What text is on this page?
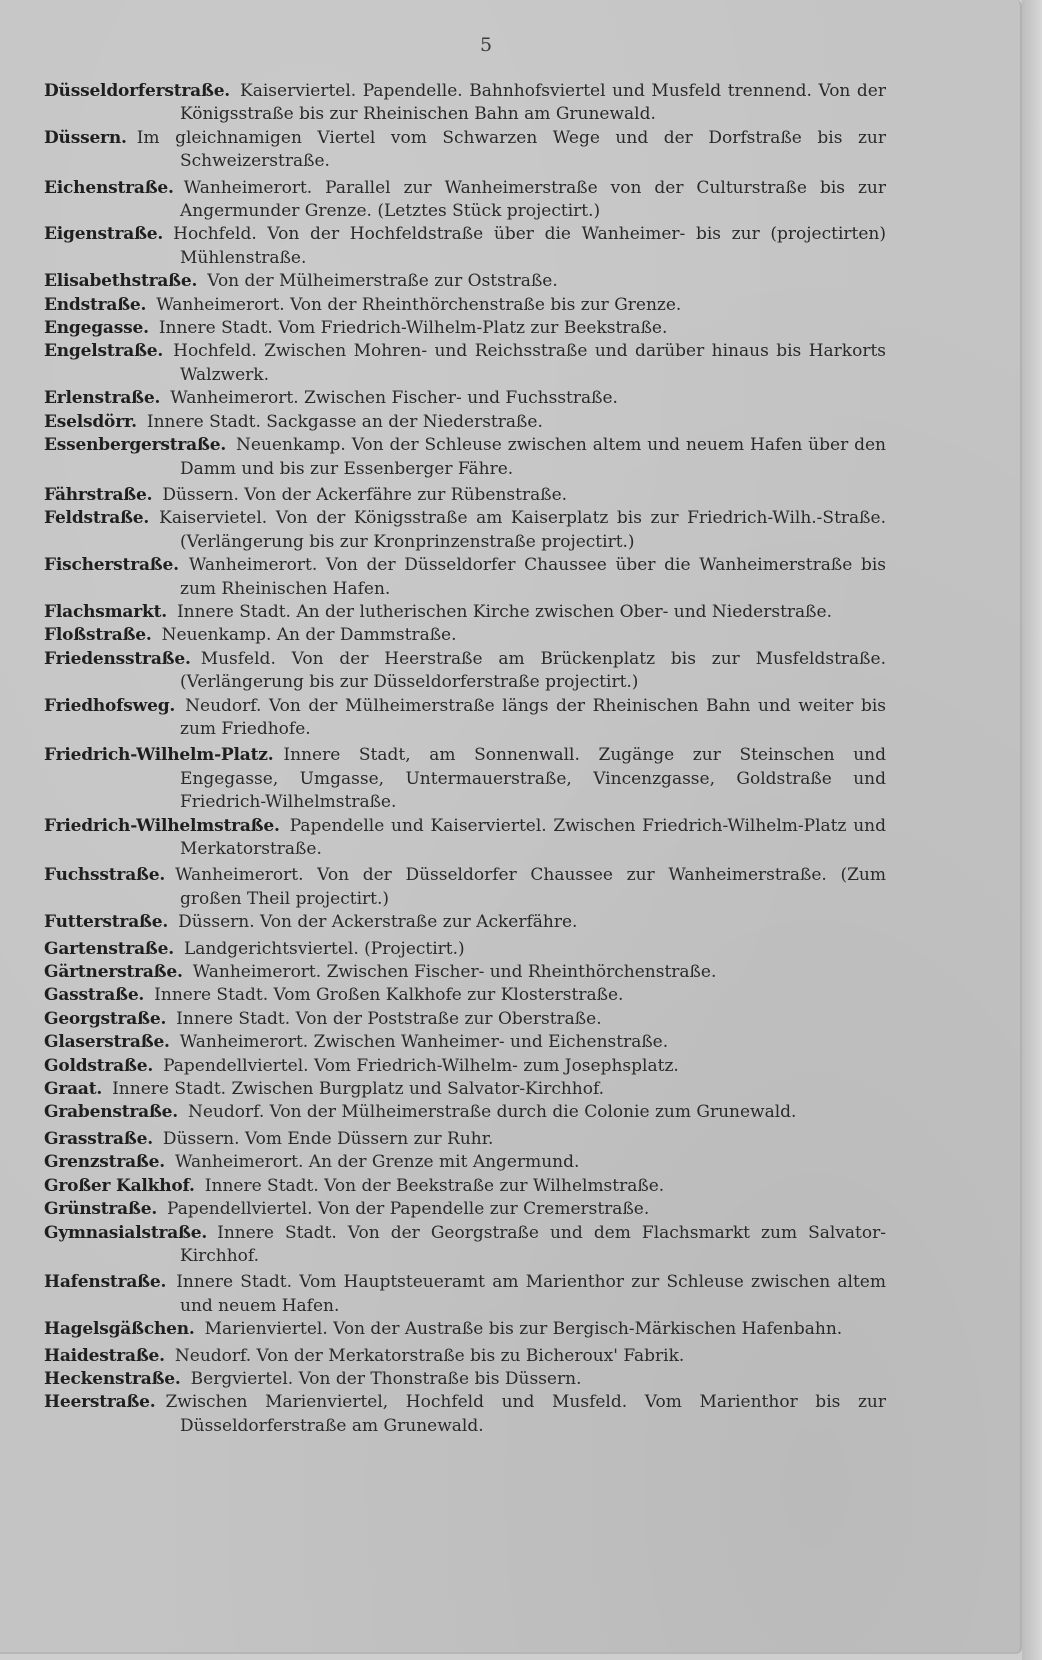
5

Düsseldorferstraße. Kaiserviertel. Papendelle. Bahnhofsviertel und Musfeld trennend. Von der Königsstraße bis zur Rheinischen Bahn am Grunewald.

Düssern. Im gleichnamigen Viertel vom Schwarzen Wege und der Dorfstraße bis zur Schweizerstraße.

Eichenstraße. Wanheimerort. Parallel zur Wanheimerstraße von der Culturstraße bis zur Angermunder Grenze. (Letztes Stück projectirt.)

Eigenstraße. Hochfeld. Von der Hochfeldstraße über die Wanheimer- bis zur (projectirten) Mühlenstraße.

Elisabethstraße. Von der Mülheimerstraße zur Oststraße.

Endstraße. Wanheimerort. Von der Rheinthörchenstraße bis zur Grenze.

Engegasse. Innere Stadt. Vom Friedrich-Wilhelm-Platz zur Beekstraße.

Engelstraße. Hochfeld. Zwischen Mohren- und Reichsstraße und darüber hinaus bis Harkorts Walzwerk.

Erlenstraße. Wanheimerort. Zwischen Fischer- und Fuchsstraße.

Eselsdörr. Innere Stadt. Sackgasse an der Niederstraße.

Essenbergerstraße. Neuenkamp. Von der Schleuse zwischen altem und neuem Hafen über den Damm und bis zur Essenberger Fähre.

Fährstraße. Düssern. Von der Ackerfähre zur Rübenstraße.

Feldstraße. Kaiservietel. Von der Königsstraße am Kaiserplatz bis zur Friedrich-Wilh.-Straße. (Verlängerung bis zur Kronprinzenstraße projectirt.)

Fischerstraße. Wanheimerort. Von der Düsseldorfer Chaussee über die Wanheimerstraße bis zum Rheinischen Hafen.

Flachsmarkt. Innere Stadt. An der lutherischen Kirche zwischen Ober- und Niederstraße.

Floßstraße. Neuenkamp. An der Dammstraße.

Friedensstraße. Musfeld. Von der Heerstraße am Brückenplatz bis zur Musfeldstraße. (Verlängerung bis zur Düsseldorferstraße projectirt.)

Friedhofsweg. Neudorf. Von der Mülheimerstraße längs der Rheinischen Bahn und weiter bis zum Friedhofe.

Friedrich-Wilhelm-Platz. Innere Stadt, am Sonnenwall. Zugänge zur Steinschen und Engegasse, Umgasse, Untermauerstraße, Vincenzgasse, Goldstraße und Friedrich-Wilhelmstraße.

Friedrich-Wilhelmstraße. Papendelle und Kaiserviertel. Zwischen Friedrich-Wilhelm-Platz und Merkatorstraße.

Fuchsstraße. Wanheimerort. Von der Düsseldorfer Chaussee zur Wanheimerstraße. (Zum großen Theil projectirt.)

Futterstraße. Düssern. Von der Ackerstraße zur Ackerfähre.

Gartenstraße. Landgerichtsviertel. (Projectirt.)

Gärtnerstraße. Wanheimerort. Zwischen Fischer- und Rheinthörchenstraße.

Gasstraße. Innere Stadt. Vom Großen Kalkhofe zur Klosterstraße.

Georgstraße. Innere Stadt. Von der Poststraße zur Oberstraße.

Glaserstraße. Wanheimerort. Zwischen Wanheimer- und Eichenstraße.

Goldstraße. Papendellviertel. Vom Friedrich-Wilhelm- zum Josephsplatz.

Graat. Innere Stadt. Zwischen Burgplatz und Salvator-Kirchhof.

Grabenstraße. Neudorf. Von der Mülheimerstraße durch die Colonie zum Grunewald.

Grasstraße. Düssern. Vom Ende Düssern zur Ruhr.

Grenzstraße. Wanheimerort. An der Grenze mit Angermund.

Großer Kalkhof. Innere Stadt. Von der Beekstraße zur Wilhelmstraße.

Grünstraße. Papendellviertel. Von der Papendelle zur Cremerstraße.

Gymnasialstraße. Innere Stadt. Von der Georgstraße und dem Flachsmarkt zum Salvator-Kirchhof.

Hafenstraße. Innere Stadt. Vom Hauptsteueramt am Marienthor zur Schleuse zwischen altem und neuem Hafen.

Hagelsgäßchen. Marienviertel. Von der Austraße bis zur Bergisch-Märkischen Hafenbahn.

Haidestraße. Neudorf. Von der Merkatorstraße bis zu Bicheroux' Fabrik.

Heckenstraße. Bergviertel. Von der Thonstraße bis Düssern.

Heerstraße. Zwischen Marienviertel, Hochfeld und Musfeld. Vom Marienthor bis zur Düsseldorferstraße am Grunewald.
